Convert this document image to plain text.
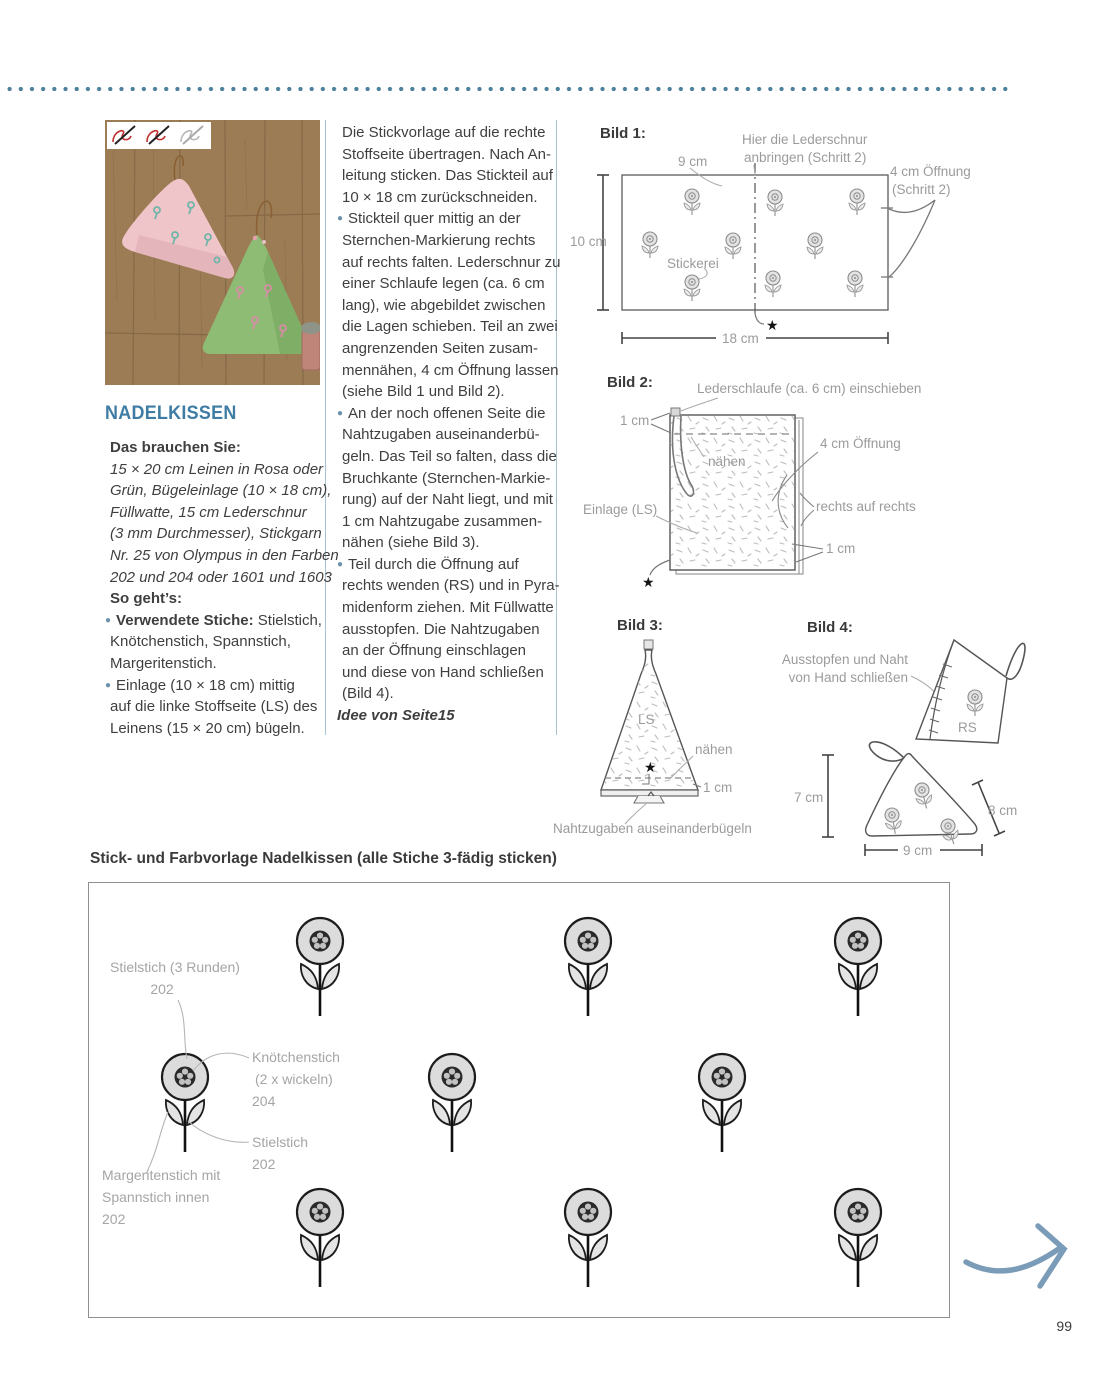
NADELKISSEN
Das brauchen Sie:
15 × 20 cm Leinen in Rosa oder
Grün, Bügeleinlage (10 × 18 cm),
Füllwatte, 15 cm Lederschnur
(3 mm Durchmesser), Stickgarn
Nr. 25 von Olympus in den Farben
202 und 204 oder 1601 und 1603
So geht’s:
● Verwendete Stiche: Stielstich,
Knötchenstich, Spannstich,
Margeritenstich.
● Einlage (10 × 18 cm) mittig
auf die linke Stoffseite (LS) des
Leinens (15 × 20 cm) bügeln.
Die Stickvorlage auf die rechte
Stoffseite übertragen. Nach An-
leitung sticken. Das Stickteil auf
10 × 18 cm zurückschneiden.
● Stickteil quer mittig an der
Sternchen-Markierung rechts
auf rechts falten. Lederschnur zu
einer Schlaufe legen (ca. 6 cm
lang), wie abgebildet zwischen
die Lagen schieben. Teil an zwei
angrenzenden Seiten zusam-
mennähen, 4 cm Öffnung lassen
(siehe Bild 1 und Bild 2).
● An der noch offenen Seite die
Nahtzugaben auseinanderbü-
geln. Das Teil so falten, dass die
Bruchkante (Sternchen-Markie-
rung) auf der Naht liegt, und mit
1 cm Nahtzugabe zusammen-
nähen (siehe Bild 3).
● Teil durch die Öffnung auf
rechts wenden (RS) und in Pyra-
midenform ziehen. Mit Füllwatte
ausstopfen. Die Nahtzugaben
an der Öffnung einschlagen
und diese von Hand schließen
(Bild 4).
Idee von Seite15
Bild 1:
10 cm
18 cm
9 cm
Hier die Lederschnur
anbringen (Schritt 2)
4 cm Öffnung
(Schritt 2)
Stickerei
★
Bild 2:	Lederschlaufe (ca. 6 cm) einschieben
nähen
1 cm
4 cm Öffnung
Einlage (LS)	rechts auf rechts
1 cm
★
Bild 3:
LS
★
nähen
1 cm
Nahtzugaben auseinanderbügeln
Bild 4:
Ausstopfen und Naht
von Hand schließen
RS
7 cm
8 cm
9 cm
Stick- und Farbvorlage Nadelkissen (alle Stiche 3-fädig sticken)
Stielstich (3 Runden)
202
Knötchenstich
(2 x wickeln)
204
Stielstich
202
Margeritenstich mit
Spannstich innen
202
99
